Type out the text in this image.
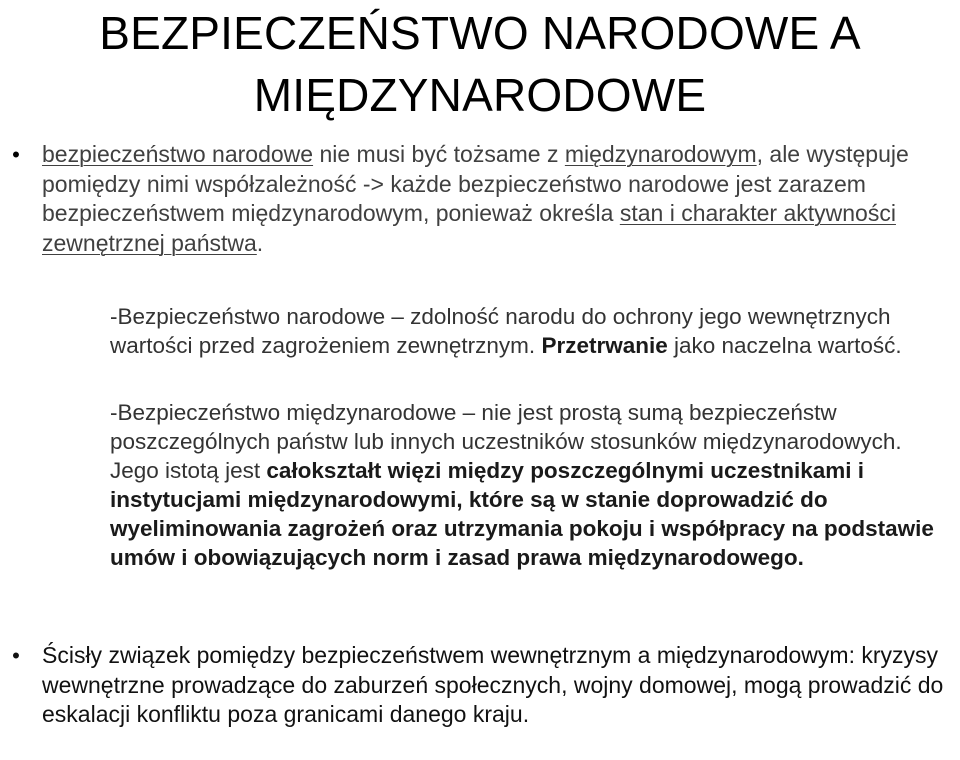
BEZPIECZEŃSTWO NARODOWE A
MIĘDZYNARODOWE
• bezpieczeństwo narodowe nie musi być tożsame z międzynarodowym, ale występuje pomiędzy nimi współzależność -> każde bezpieczeństwo narodowe jest zarazem bezpieczeństwem międzynarodowym, ponieważ określa stan i charakter aktywności zewnętrznej państwa.
-Bezpieczeństwo narodowe – zdolność narodu do ochrony jego wewnętrznych wartości przed zagrożeniem zewnętrznym. Przetrwanie jako naczelna wartość.
-Bezpieczeństwo międzynarodowe – nie jest prostą sumą bezpieczeństw poszczególnych państw lub innych uczestników stosunków międzynarodowych. Jego istotą jest całokształt więzi między poszczególnymi uczestnikami i instytucjami międzynarodowymi, które są w stanie doprowadzić do wyeliminowania zagrożeń oraz utrzymania pokoju i współpracy na podstawie umów i obowiązujących norm i zasad prawa międzynarodowego.
• Ścisły związek pomiędzy bezpieczeństwem wewnętrznym a międzynarodowym: kryzysy wewnętrzne prowadzące do zaburzeń społecznych, wojny domowej, mogą prowadzić do eskalacji konfliktu poza granicami danego kraju.
